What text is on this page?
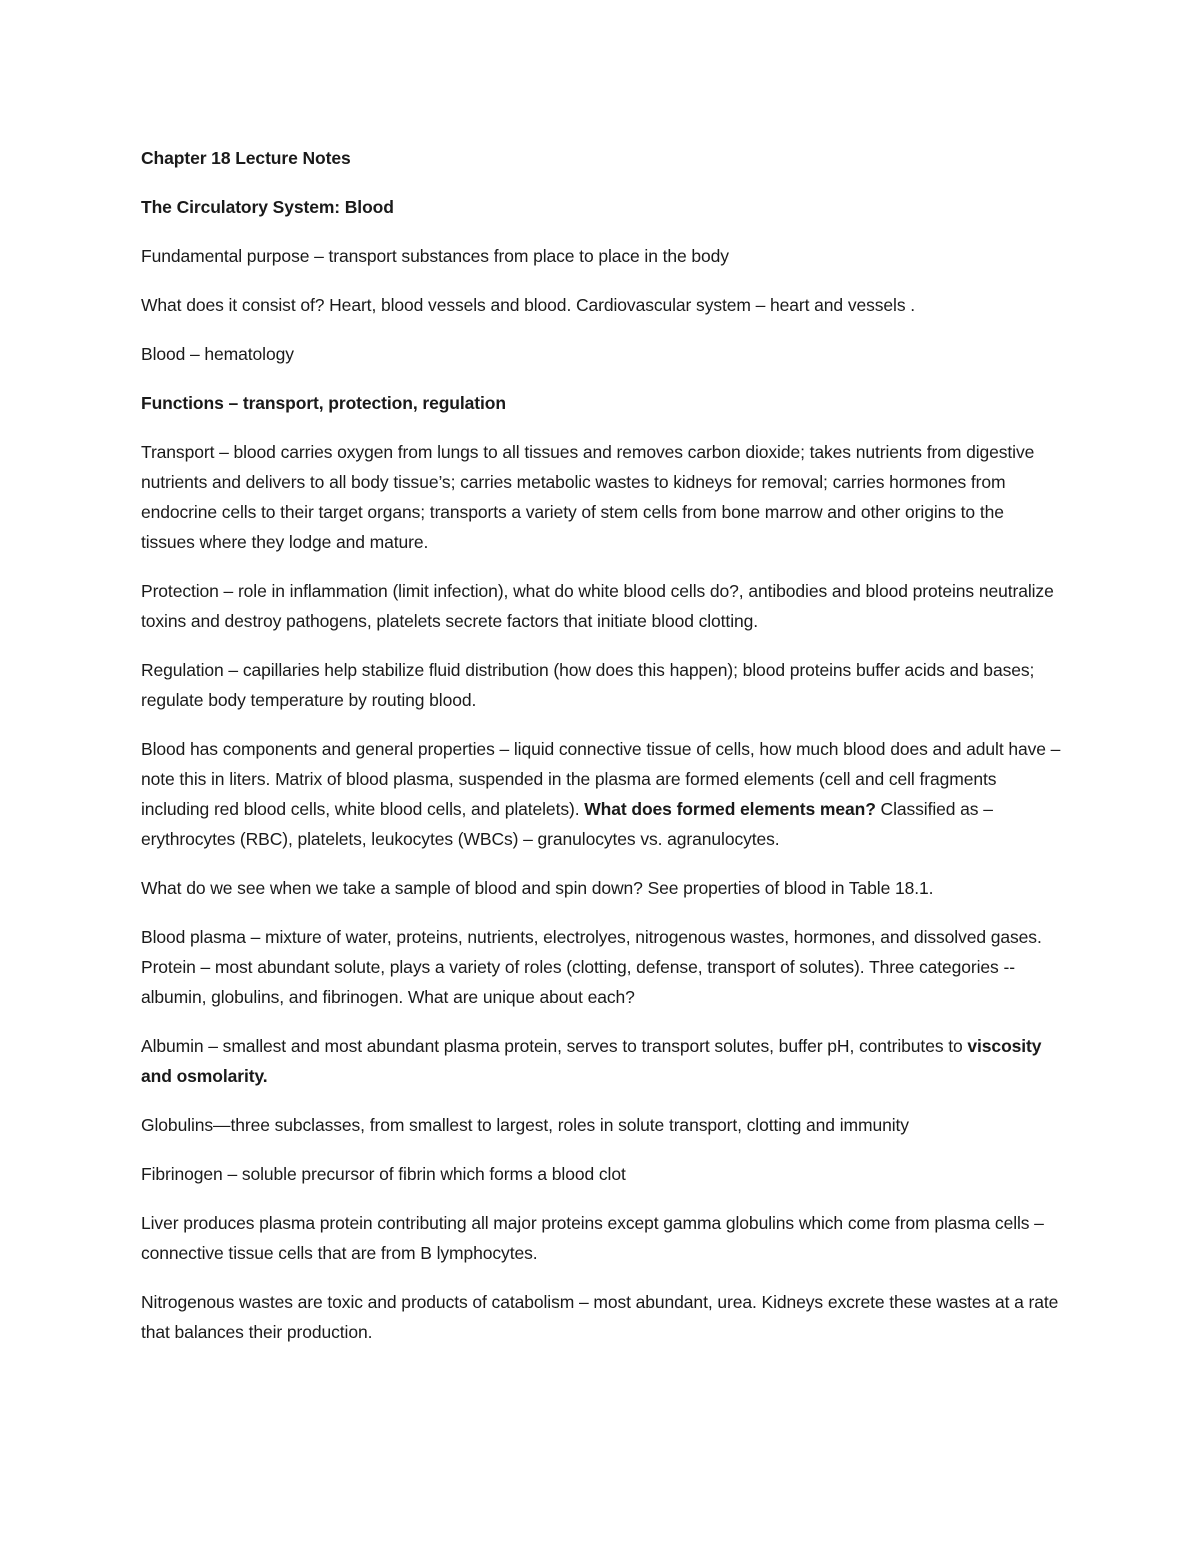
Chapter 18 Lecture Notes

The Circulatory System: Blood

Fundamental purpose – transport substances from place to place in the body

What does it consist of? Heart, blood vessels and blood. Cardiovascular system – heart and vessels .

Blood – hematology

Functions – transport, protection, regulation

Transport – blood carries oxygen from lungs to all tissues and removes carbon dioxide; takes nutrients from digestive nutrients and delivers to all body tissue’s; carries metabolic wastes to kidneys for removal; carries hormones from endocrine cells to their target organs; transports a variety of stem cells from bone marrow and other origins to the tissues where they lodge and mature.

Protection – role in inflammation (limit infection), what do white blood cells do?, antibodies and blood proteins neutralize toxins and destroy pathogens, platelets secrete factors that initiate blood clotting.

Regulation – capillaries help stabilize fluid distribution (how does this happen); blood proteins buffer acids and bases; regulate body temperature by routing blood.

Blood has components and general properties – liquid connective tissue of cells, how much blood does and adult have – note this in liters. Matrix of blood plasma, suspended in the plasma are formed elements (cell and cell fragments including red blood cells, white blood cells, and platelets). What does formed elements mean? Classified as – erythrocytes (RBC), platelets, leukocytes (WBCs) – granulocytes vs. agranulocytes.

What do we see when we take a sample of blood and spin down? See properties of blood in Table 18.1.

Blood plasma – mixture of water, proteins, nutrients, electrolyes, nitrogenous wastes, hormones, and dissolved gases. Protein – most abundant solute, plays a variety of roles (clotting, defense, transport of solutes). Three categories -- albumin, globulins, and fibrinogen. What are unique about each?

Albumin – smallest and most abundant plasma protein, serves to transport solutes, buffer pH, contributes to viscosity and osmolarity.

Globulins—three subclasses, from smallest to largest, roles in solute transport, clotting and immunity

Fibrinogen – soluble precursor of fibrin which forms a blood clot

Liver produces plasma protein contributing all major proteins except gamma globulins which come from plasma cells – connective tissue cells that are from B lymphocytes.

Nitrogenous wastes are toxic and products of catabolism – most abundant, urea. Kidneys excrete these wastes at a rate that balances their production.
